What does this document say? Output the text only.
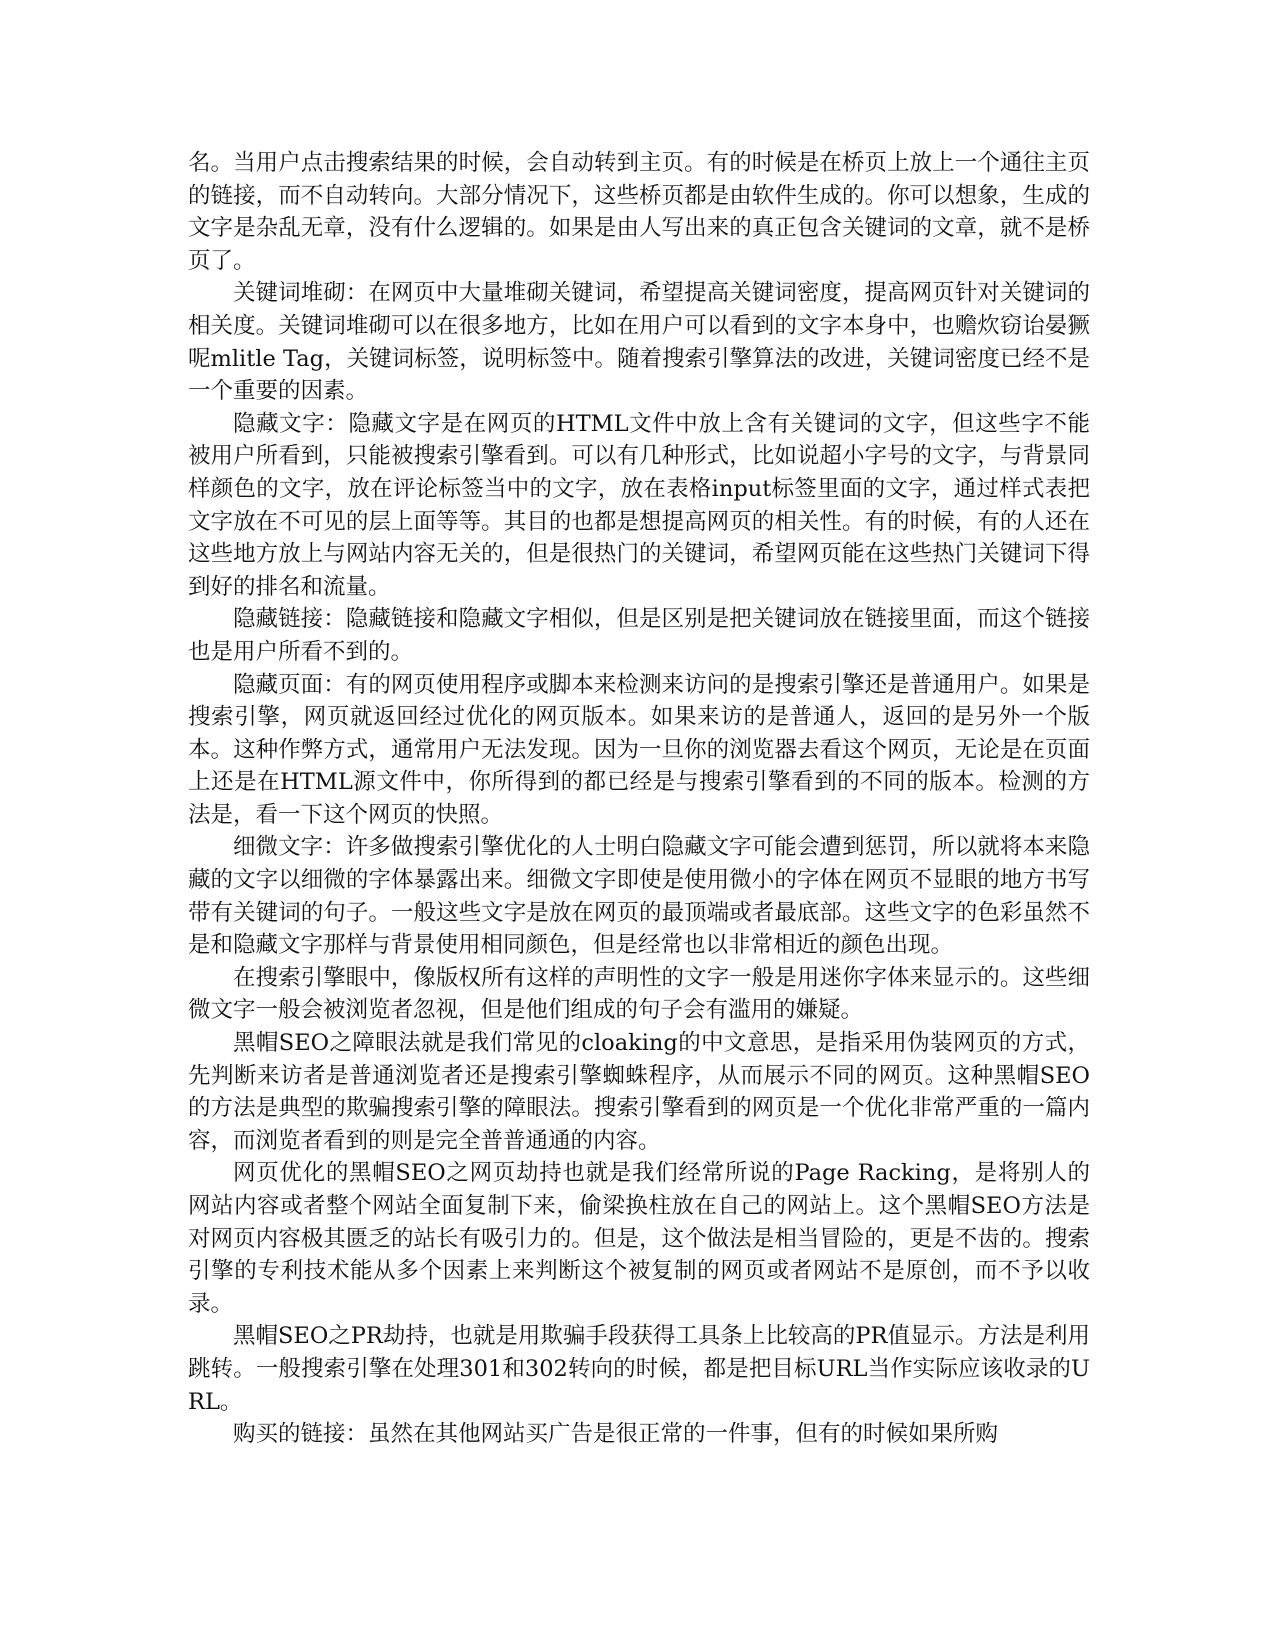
名。当用户点击搜索结果的时候，会自动转到主页。有的时候是在桥页上放上一个通往主页的链接，而不自动转向。大部分情况下，这些桥页都是由软件生成的。你可以想象，生成的文字是杂乱无章，没有什么逻辑的。如果是由人写出来的真正包含关键词的文章，就不是桥页了。

关键词堆砌：在网页中大量堆砌关键词，希望提高关键词密度，提高网页针对关键词的相关度。关键词堆砌可以在很多地方，比如在用户可以看到的文字本身中，也赡炊窃诒晏獗呢mlitle Tag，关键词标签，说明标签中。随着搜索引擎算法的改进，关键词密度已经不是一个重要的因素。

隐藏文字：隐藏文字是在网页的HTML文件中放上含有关键词的文字，但这些字不能被用户所看到，只能被搜索引擎看到。可以有几种形式，比如说超小字号的文字，与背景同样颜色的文字，放在评论标签当中的文字，放在表格input标签里面的文字，通过样式表把文字放在不可见的层上面等等。其目的也都是想提高网页的相关性。有的时候，有的人还在这些地方放上与网站内容无关的，但是很热门的关键词，希望网页能在这些热门关键词下得到好的排名和流量。

隐藏链接：隐藏链接和隐藏文字相似，但是区别是把关键词放在链接里面，而这个链接也是用户所看不到的。

隐藏页面：有的网页使用程序或脚本来检测来访问的是搜索引擎还是普通用户。如果是搜索引擎，网页就返回经过优化的网页版本。如果来访的是普通人，返回的是另外一个版本。这种作弊方式，通常用户无法发现。因为一旦你的浏览器去看这个网页，无论是在页面上还是在HTML源文件中，你所得到的都已经是与搜索引擎看到的不同的版本。检测的方法是，看一下这个网页的快照。

细微文字：许多做搜索引擎优化的人士明白隐藏文字可能会遭到惩罚，所以就将本来隐藏的文字以细微的字体暴露出来。细微文字即使是使用微小的字体在网页不显眼的地方书写带有关键词的句子。一般这些文字是放在网页的最顶端或者最底部。这些文字的色彩虽然不是和隐藏文字那样与背景使用相同颜色，但是经常也以非常相近的颜色出现。

在搜索引擎眼中，像版权所有这样的声明性的文字一般是用迷你字体来显示的。这些细微文字一般会被浏览者忽视，但是他们组成的句子会有滥用的嫌疑。

黑帽SEO之障眼法就是我们常见的cloaking的中文意思，是指采用伪装网页的方式，先判断来访者是普通浏览者还是搜索引擎蜘蛛程序，从而展示不同的网页。这种黑帽SEO的方法是典型的欺骗搜索引擎的障眼法。搜索引擎看到的网页是一个优化非常严重的一篇内容，而浏览者看到的则是完全普普通通的内容。

网页优化的黑帽SEO之网页劫持也就是我们经常所说的Page Racking，是将别人的网站内容或者整个网站全面复制下来，偷梁换柱放在自己的网站上。这个黑帽SEO方法是对网页内容极其匮乏的站长有吸引力的。但是，这个做法是相当冒险的，更是不齿的。搜索引擎的专利技术能从多个因素上来判断这个被复制的网页或者网站不是原创，而不予以收录。

黑帽SEO之PR劫持，也就是用欺骗手段获得工具条上比较高的PR值显示。方法是利用跳转。一般搜索引擎在处理301和302转向的时候，都是把目标URL当作实际应该收录的URL。

购买的链接：虽然在其他网站买广告是很正常的一件事，但有的时候如果所购
